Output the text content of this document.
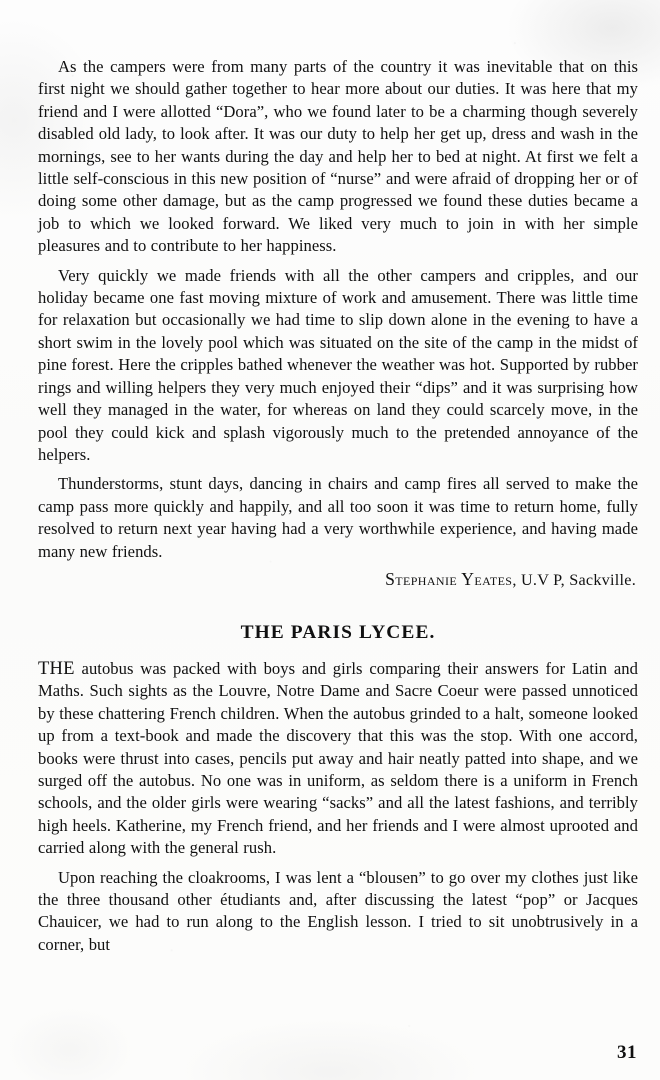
As the campers were from many parts of the country it was inevitable that on this first night we should gather together to hear more about our duties. It was here that my friend and I were allotted “Dora”, who we found later to be a charming though severely disabled old lady, to look after. It was our duty to help her get up, dress and wash in the mornings, see to her wants during the day and help her to bed at night. At first we felt a little self-conscious in this new position of “nurse” and were afraid of dropping her or of doing some other damage, but as the camp progressed we found these duties became a job to which we looked forward. We liked very much to join in with her simple pleasures and to contribute to her happiness.

Very quickly we made friends with all the other campers and cripples, and our holiday became one fast moving mixture of work and amusement. There was little time for relaxation but occasionally we had time to slip down alone in the evening to have a short swim in the lovely pool which was situated on the site of the camp in the midst of pine forest. Here the cripples bathed whenever the weather was hot. Supported by rubber rings and willing helpers they very much enjoyed their “dips” and it was surprising how well they managed in the water, for whereas on land they could scarcely move, in the pool they could kick and splash vigorously much to the pretended annoyance of the helpers.

Thunderstorms, stunt days, dancing in chairs and camp fires all served to make the camp pass more quickly and happily, and all too soon it was time to return home, fully resolved to return next year having had a very worthwhile experience, and having made many new friends.

Stephanie Yeates, U.V P, Sackville.

THE PARIS LYCEE.

THE autobus was packed with boys and girls comparing their answers for Latin and Maths. Such sights as the Louvre, Notre Dame and Sacre Coeur were passed unnoticed by these chattering French children. When the autobus grinded to a halt, someone looked up from a text-book and made the discovery that this was the stop. With one accord, books were thrust into cases, pencils put away and hair neatly patted into shape, and we surged off the autobus. No one was in uniform, as seldom there is a uniform in French schools, and the older girls were wearing “sacks” and all the latest fashions, and terribly high heels. Katherine, my French friend, and her friends and I were almost uprooted and carried along with the general rush.

Upon reaching the cloakrooms, I was lent a “blousen” to go over my clothes just like the three thousand other étudiants and, after discussing the latest “pop” or Jacques Chauicer, we had to run along to the English lesson. I tried to sit unobtrusively in a corner, but

31
